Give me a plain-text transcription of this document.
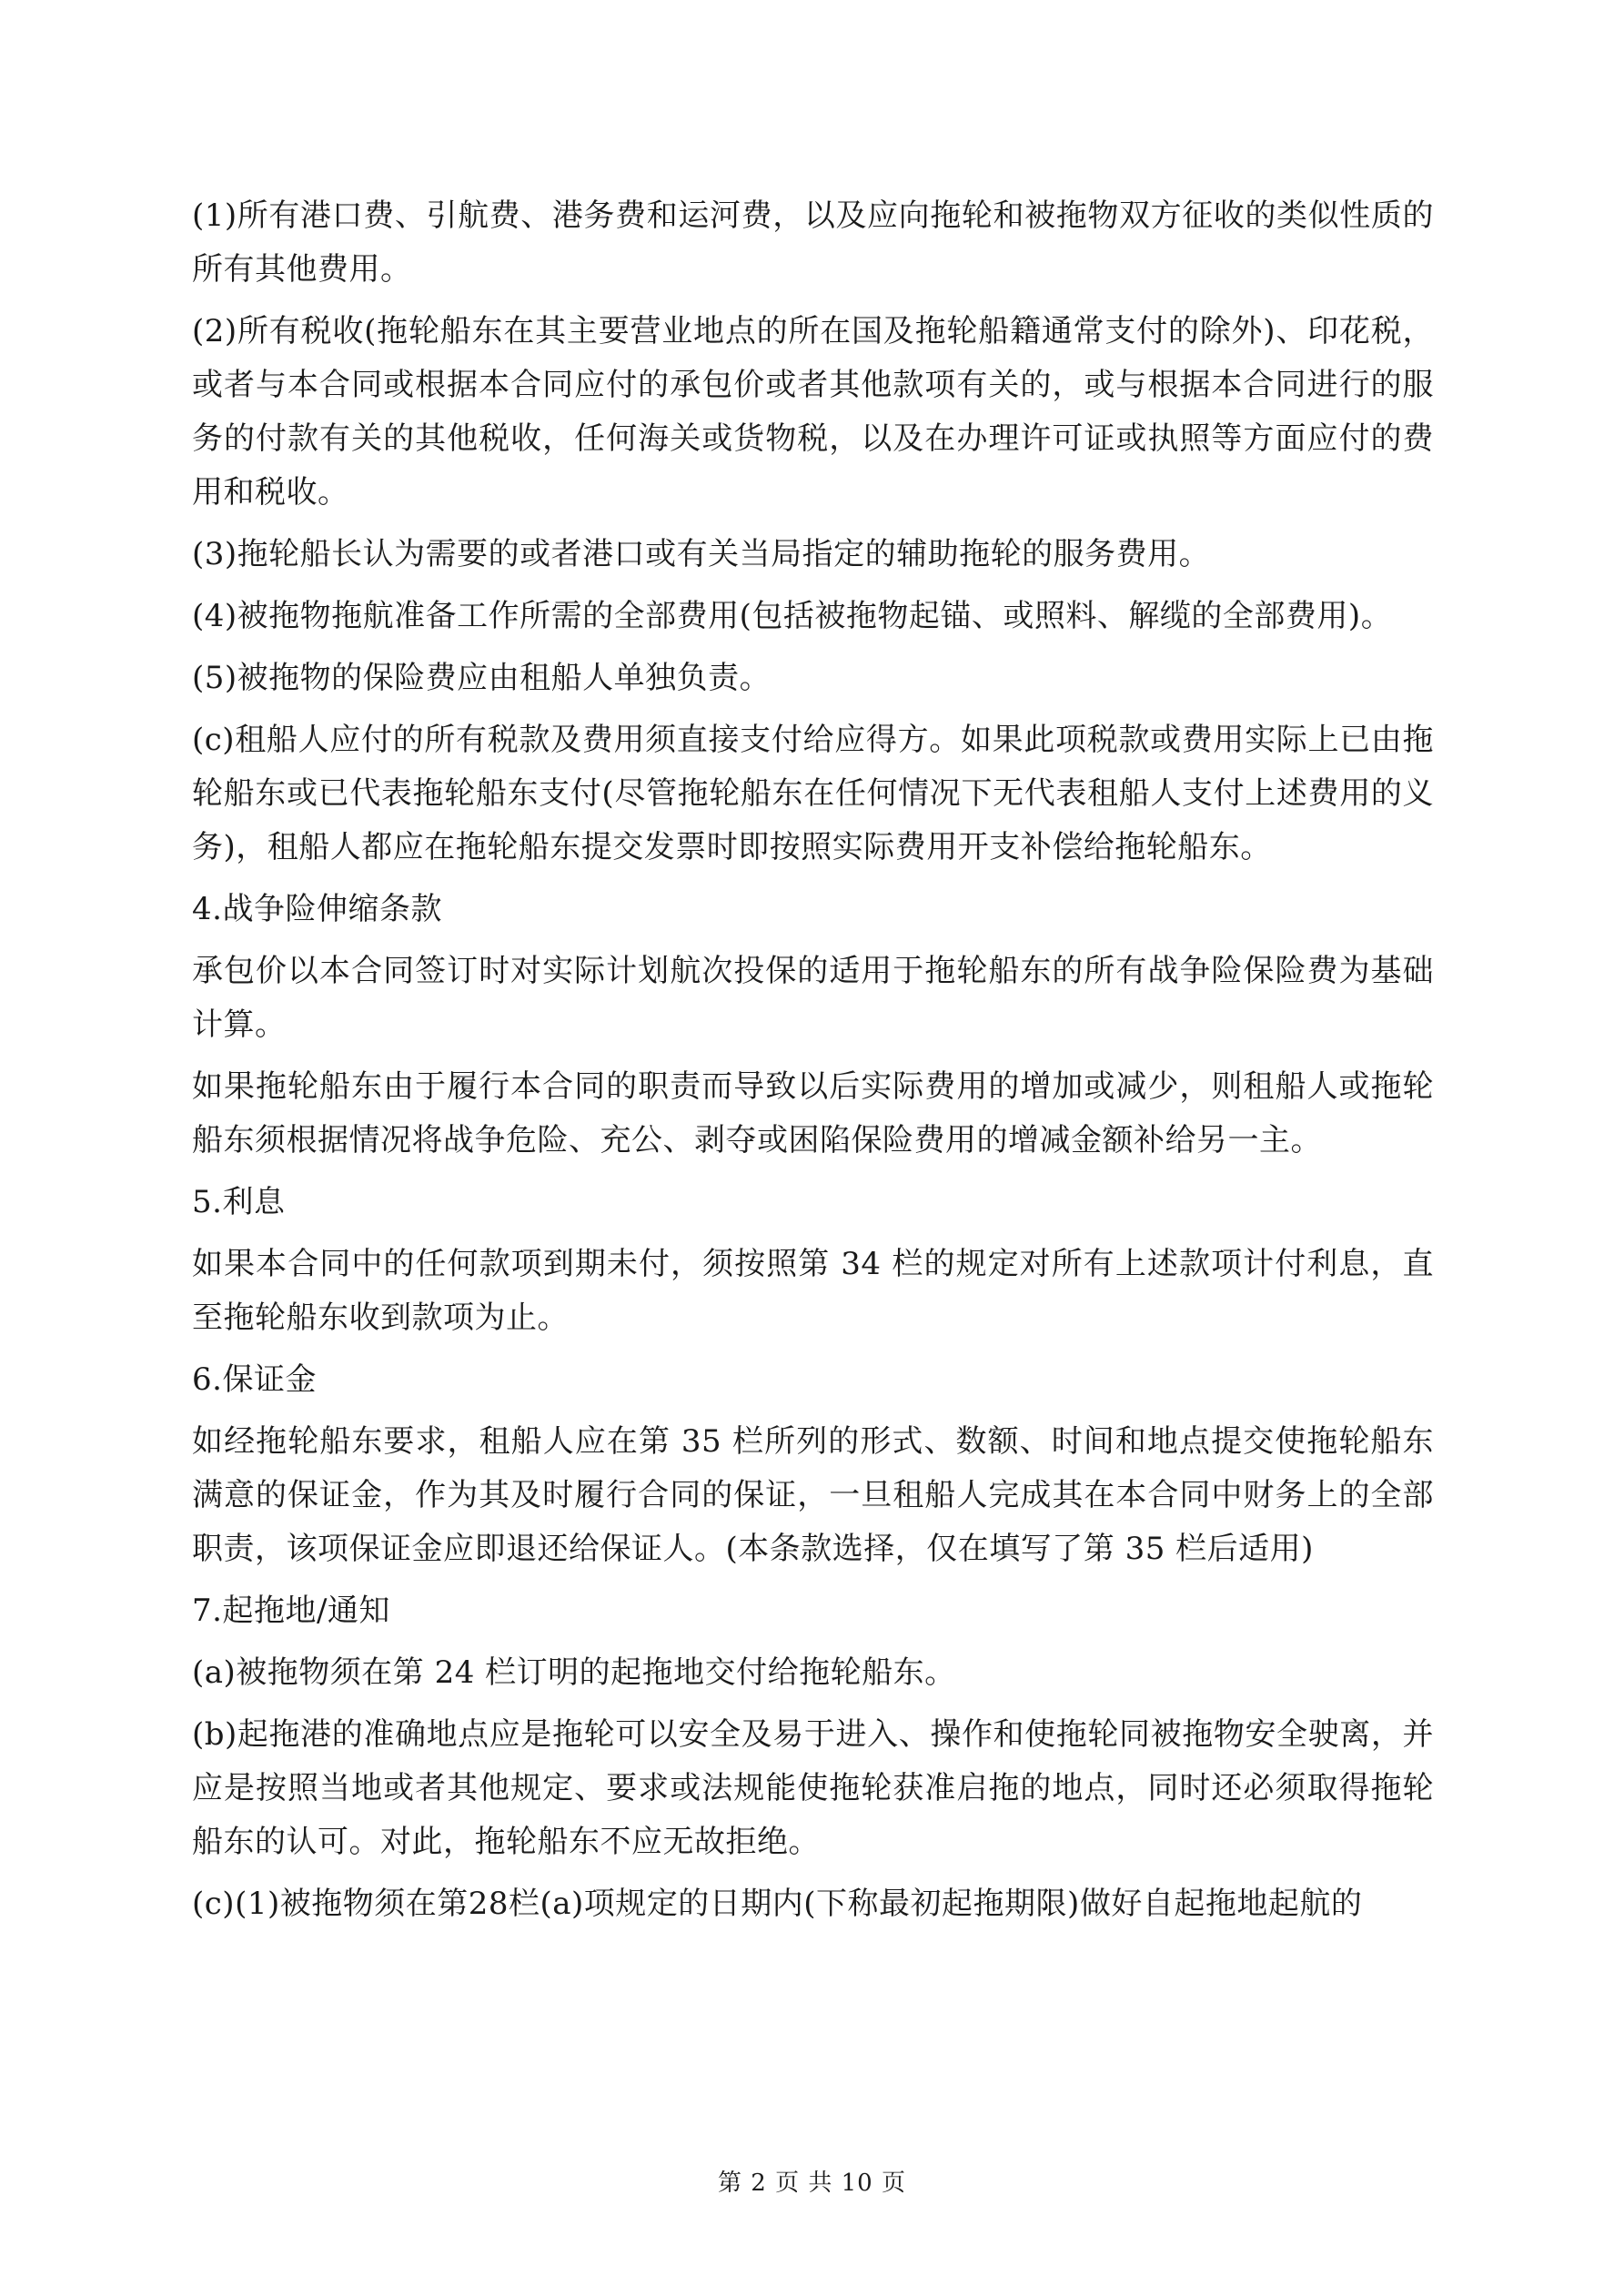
(1)所有港口费、引航费、港务费和运河费，以及应向拖轮和被拖物双方征收的类似性质的所有其他费用。

(2)所有税收(拖轮船东在其主要营业地点的所在国及拖轮船籍通常支付的除外)、印花税，或者与本合同或根据本合同应付的承包价或者其他款项有关的，或与根据本合同进行的服务的付款有关的其他税收，任何海关或货物税，以及在办理许可证或执照等方面应付的费用和税收。

(3)拖轮船长认为需要的或者港口或有关当局指定的辅助拖轮的服务费用。

(4)被拖物拖航准备工作所需的全部费用(包括被拖物起锚、或照料、解缆的全部费用)。

(5)被拖物的保险费应由租船人单独负责。

(c)租船人应付的所有税款及费用须直接支付给应得方。如果此项税款或费用实际上已由拖轮船东或已代表拖轮船东支付(尽管拖轮船东在任何情况下无代表租船人支付上述费用的义务)，租船人都应在拖轮船东提交发票时即按照实际费用开支补偿给拖轮船东。

4.战争险伸缩条款

承包价以本合同签订时对实际计划航次投保的适用于拖轮船东的所有战争险保险费为基础计算。

如果拖轮船东由于履行本合同的职责而导致以后实际费用的增加或减少，则租船人或拖轮船东须根据情况将战争危险、充公、剥夺或困陷保险费用的增减金额补给另一主。

5.利息

如果本合同中的任何款项到期未付，须按照第 34 栏的规定对所有上述款项计付利息，直至拖轮船东收到款项为止。

6.保证金

如经拖轮船东要求，租船人应在第 35 栏所列的形式、数额、时间和地点提交使拖轮船东满意的保证金，作为其及时履行合同的保证，一旦租船人完成其在本合同中财务上的全部职责，该项保证金应即退还给保证人。(本条款选择，仅在填写了第 35 栏后适用)

7.起拖地/通知

(a)被拖物须在第 24 栏订明的起拖地交付给拖轮船东。

(b)起拖港的准确地点应是拖轮可以安全及易于进入、操作和使拖轮同被拖物安全驶离，并应是按照当地或者其他规定、要求或法规能使拖轮获准启拖的地点，同时还必须取得拖轮船东的认可。对此，拖轮船东不应无故拒绝。

(c)(1)被拖物须在第28栏(a)项规定的日期内(下称最初起拖期限)做好自起拖地起航的

第 2 页 共 10 页
